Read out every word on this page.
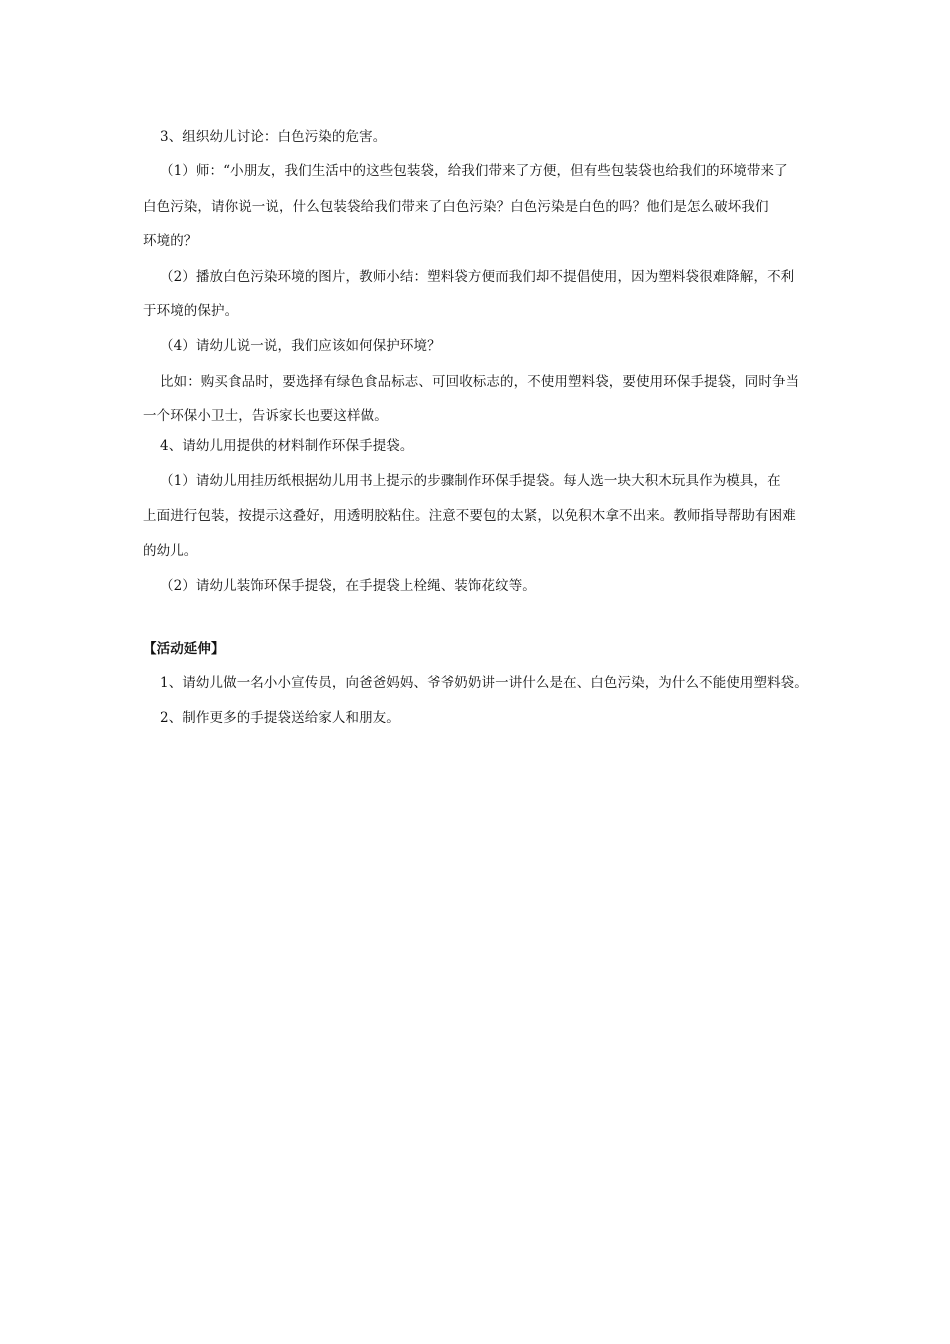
3、组织幼儿讨论：白色污染的危害。
（1）师：“小朋友，我们生活中的这些包装袋，给我们带来了方便，但有些包装袋也给我们的环境带来了
白色污染，请你说一说，什么包装袋给我们带来了白色污染？白色污染是白色的吗？他们是怎么破坏我们
环境的？
（2）播放白色污染环境的图片，教师小结：塑料袋方便而我们却不提倡使用，因为塑料袋很难降解，不利
于环境的保护。
（4）请幼儿说一说，我们应该如何保护环境？
比如：购买食品时，要选择有绿色食品标志、可回收标志的，不使用塑料袋，要使用环保手提袋，同时争当
一个环保小卫士，告诉家长也要这样做。
4、请幼儿用提供的材料制作环保手提袋。
（1）请幼儿用挂历纸根据幼儿用书上提示的步骤制作环保手提袋。每人选一块大积木玩具作为模具，在
上面进行包装，按提示这叠好，用透明胶粘住。注意不要包的太紧，以免积木拿不出来。教师指导帮助有困难
的幼儿。
（2）请幼儿装饰环保手提袋，在手提袋上栓绳、装饰花纹等。
【活动延伸】
1、请幼儿做一名小小宣传员，向爸爸妈妈、爷爷奶奶讲一讲什么是在、白色污染，为什么不能使用塑料袋。
2、制作更多的手提袋送给家人和朋友。
